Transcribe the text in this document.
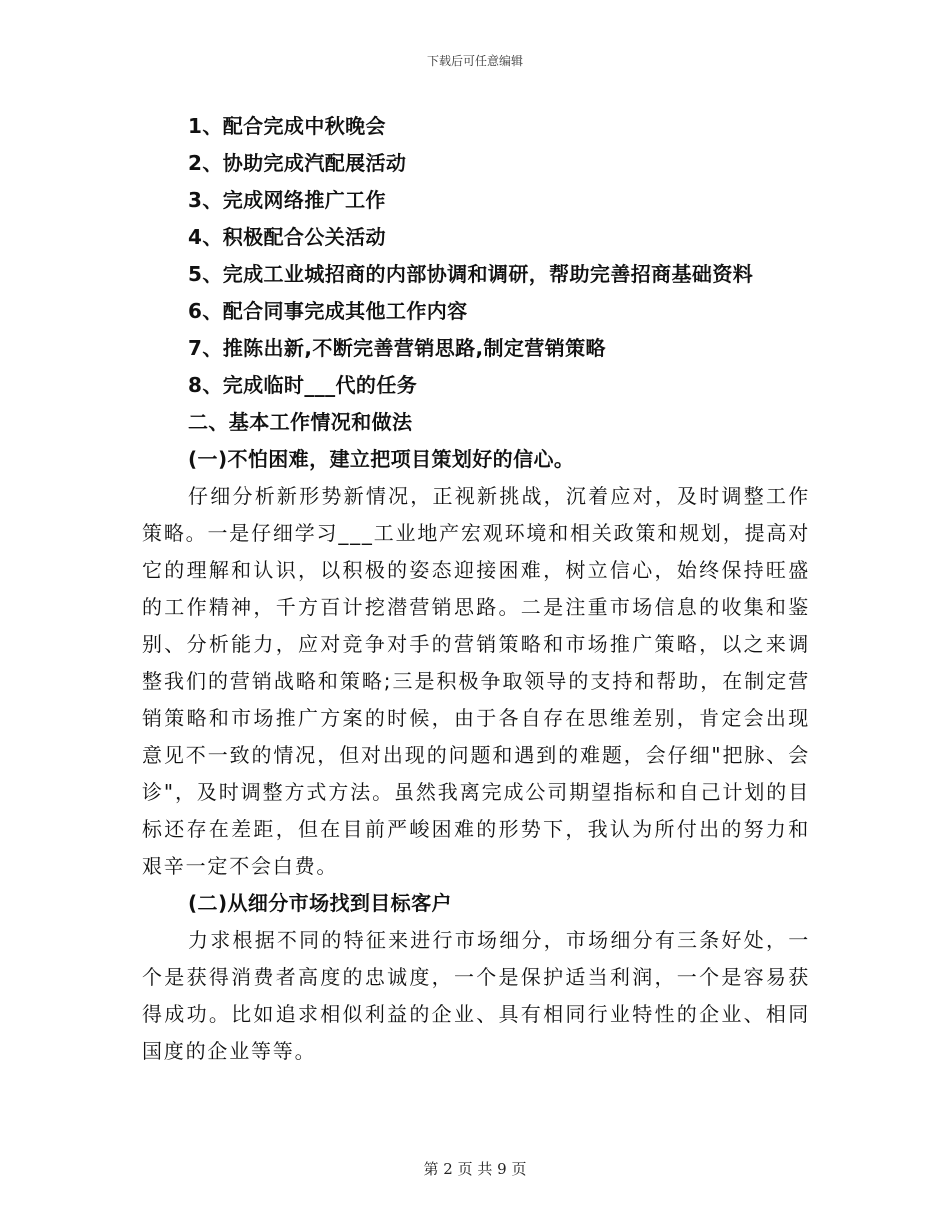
下载后可任意编辑
1、配合完成中秋晚会
2、协助完成汽配展活动
3、完成网络推广工作
4、积极配合公关活动
5、完成工业城招商的内部协调和调研，帮助完善招商基础资料
6、配合同事完成其他工作内容
7、推陈出新,不断完善营销思路,制定营销策略
8、完成临时___代的任务
二、基本工作情况和做法
(一)不怕困难，建立把项目策划好的信心。

仔细分析新形势新情况，正视新挑战，沉着应对，及时调整工作策略。一是仔细学习___工业地产宏观环境和相关政策和规划，提高对它的理解和认识，以积极的姿态迎接困难，树立信心，始终保持旺盛的工作精神，千方百计挖潜营销思路。二是注重市场信息的收集和鉴别、分析能力，应对竞争对手的营销策略和市场推广策略，以之来调整我们的营销战略和策略;三是积极争取领导的支持和帮助，在制定营销策略和市场推广方案的时候，由于各自存在思维差别，肯定会出现意见不一致的情况，但对出现的问题和遇到的难题，会仔细"把脉、会诊"，及时调整方式方法。虽然我离完成公司期望指标和自己计划的目标还存在差距，但在目前严峻困难的形势下，我认为所付出的努力和艰辛一定不会白费。

(二)从细分市场找到目标客户

力求根据不同的特征来进行市场细分，市场细分有三条好处，一个是获得消费者高度的忠诚度，一个是保护适当利润，一个是容易获得成功。比如追求相似利益的企业、具有相同行业特性的企业、相同国度的企业等等。

第 2 页 共 9 页
